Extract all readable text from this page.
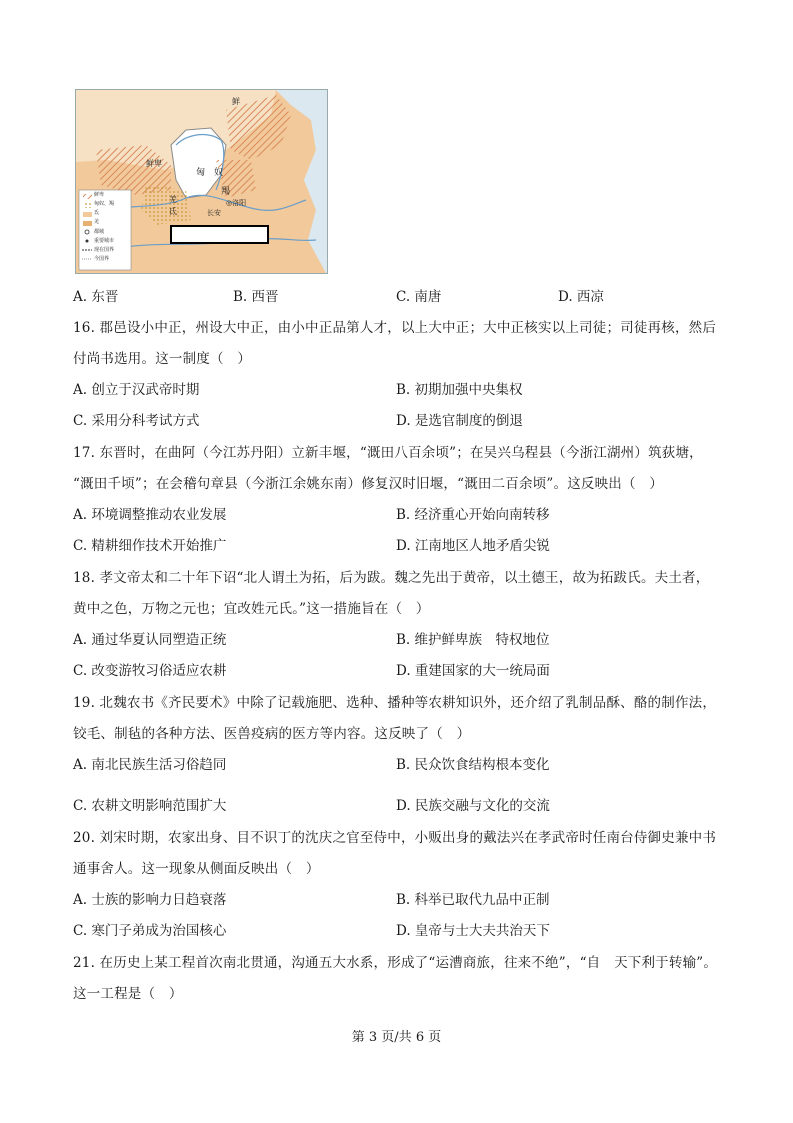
鲜
鲜卑
匈 奴
羯
羌
氐	长安
◎洛阳
鲜卑
匈奴、羯
氐
羌
都城
重要城市
现在国界
今国界
A. 东晋	B. 西晋	C. 南唐	D. 西凉
16. 郡邑设小中正，州设大中正，由小中正品第人才，以上大中正；大中正核实以上司徒；司徒再核，然后
付尚书选用。这一制度（　）
A. 创立于汉武帝时期	B. 初期加强中央集权
C. 采用分科考试方式	D. 是选官制度的倒退
17. 东晋时，在曲阿（今江苏丹阳）立新丰堰，“溉田八百余顷”；在吴兴乌程县（今浙江湖州）筑荻塘，
“溉田千顷”；在会稽句章县（今浙江余姚东南）修复汉时旧堰，“溉田二百余顷”。这反映出（　）
A. 环境调整推动农业发展	B. 经济重心开始向南转移
C. 精耕细作技术开始推广	D. 江南地区人地矛盾尖锐
18. 孝文帝太和二十年下诏“北人谓土为拓，后为跋。魏之先出于黄帝，以土德王，故为拓跋氏。夫土者，
黄中之色，万物之元也；宜改姓元氏。”这一措施旨在（　）
A. 通过华夏认同塑造正统	B. 维护鲜卑族　特权地位
C. 改变游牧习俗适应农耕	D. 重建国家的大一统局面
19. 北魏农书《齐民要术》中除了记载施肥、选种、播种等农耕知识外，还介绍了乳制品酥、酪的制作法，
铰毛、制毡的各种方法、医兽疫病的医方等内容。这反映了（　）
A. 南北民族生活习俗趋同	B. 民众饮食结构根本变化
C. 农耕文明影响范围扩大	D. 民族交融与文化的交流
20. 刘宋时期，农家出身、目不识丁的沈庆之官至侍中，小贩出身的戴法兴在孝武帝时任南台侍御史兼中书
通事舍人。这一现象从侧面反映出（　）
A. 士族的影响力日趋衰落	B. 科举已取代九品中正制
C. 寒门子弟成为治国核心	D. 皇帝与士大夫共治天下
21. 在历史上某工程首次南北贯通，沟通五大水系，形成了“运漕商旅，往来不绝”，“自　天下利于转输”。
这一工程是（　）
第 3 页/共 6 页
